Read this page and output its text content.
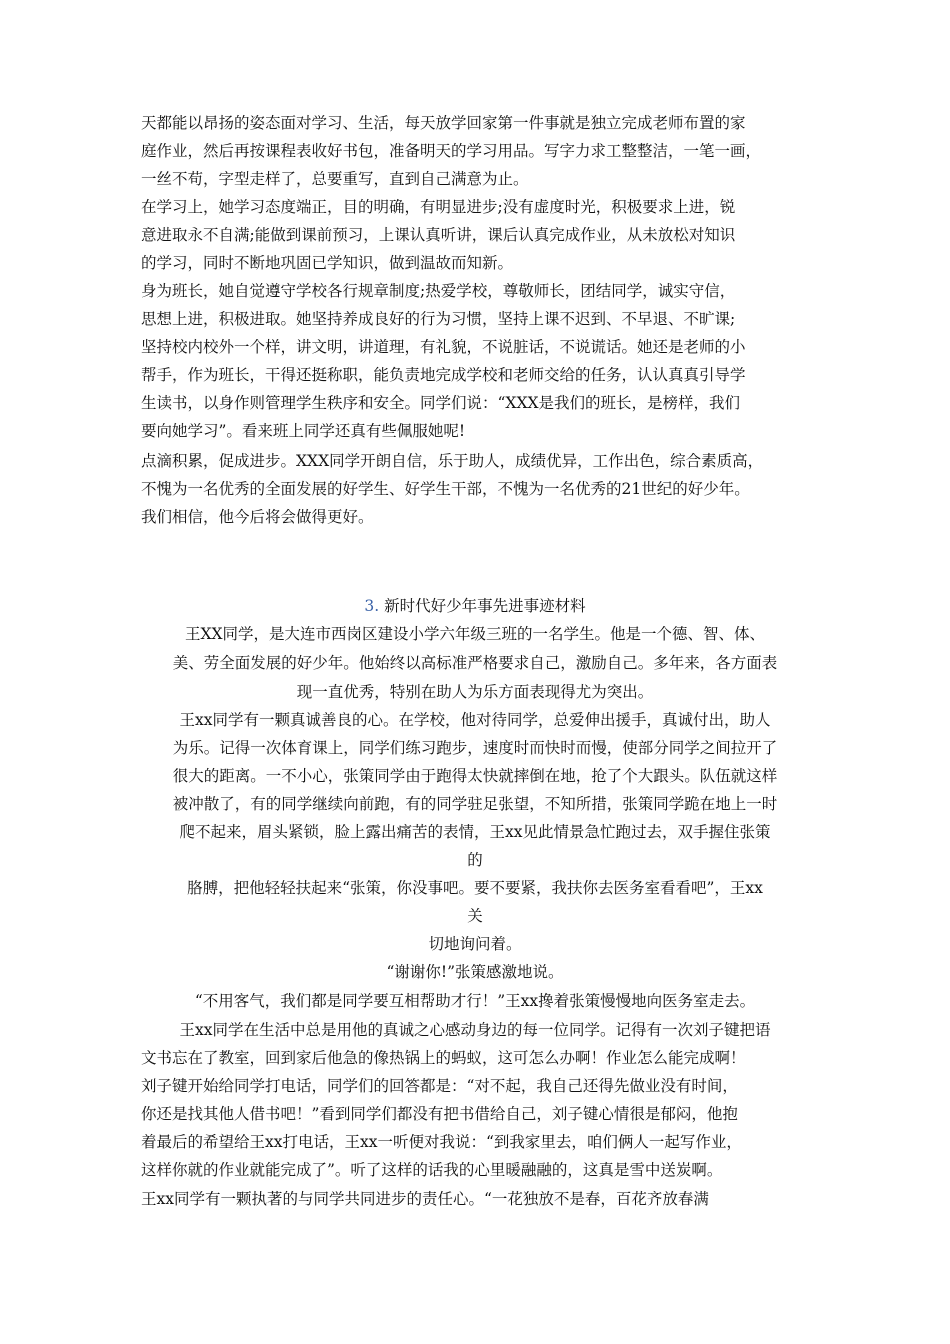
天都能以昂扬的姿态面对学习、生活，每天放学回家第一件事就是独立完成老师布置的家
庭作业，然后再按课程表收好书包，准备明天的学习用品。写字力求工整整洁，一笔一画，
一丝不苟，字型走样了，总要重写，直到自己满意为止。
在学习上，她学习态度端正，目的明确，有明显进步;没有虚度时光，积极要求上进，锐
意进取永不自满;能做到课前预习，上课认真听讲，课后认真完成作业，从未放松对知识
的学习，同时不断地巩固已学知识，做到温故而知新。
身为班长，她自觉遵守学校各行规章制度;热爱学校，尊敬师长，团结同学，诚实守信，
思想上进，积极进取。她坚持养成良好的行为习惯，坚持上课不迟到、不早退、不旷课;
坚持校内校外一个样，讲文明，讲道理，有礼貌，不说脏话，不说谎话。她还是老师的小
帮手，作为班长，干得还挺称职，能负责地完成学校和老师交给的任务，认认真真引导学
生读书，以身作则管理学生秩序和安全。同学们说：“XXX是我们的班长，是榜样，我们
要向她学习”。看来班上同学还真有些佩服她呢!
点滴积累，促成进步。XXX同学开朗自信，乐于助人，成绩优异，工作出色，综合素质高，
不愧为一名优秀的全面发展的好学生、好学生干部，不愧为一名优秀的21世纪的好少年。
我们相信，他今后将会做得更好。
3. 新时代好少年事先进事迹材料
王XX同学，是大连市西岗区建设小学六年级三班的一名学生。他是一个德、智、体、
美、劳全面发展的好少年。他始终以高标准严格要求自己，激励自己。多年来，各方面表
现一直优秀，特别在助人为乐方面表现得尤为突出。
王xx同学有一颗真诚善良的心。在学校，他对待同学，总爱伸出援手，真诚付出，助人
为乐。记得一次体育课上，同学们练习跑步，速度时而快时而慢，使部分同学之间拉开了
很大的距离。一不小心，张策同学由于跑得太快就摔倒在地，抢了个大跟头。队伍就这样
被冲散了，有的同学继续向前跑，有的同学驻足张望，不知所措，张策同学跪在地上一时
爬不起来，眉头紧锁，脸上露出痛苦的表情，王xx见此情景急忙跑过去，双手握住张策
的
胳膊，把他轻轻扶起来“张策，你没事吧。要不要紧，我扶你去医务室看看吧”，王xx
关
切地询问着。
“谢谢你!”张策感激地说。
“不用客气，我们都是同学要互相帮助才行！”王xx搀着张策慢慢地向医务室走去。
王xx同学在生活中总是用他的真诚之心感动身边的每一位同学。记得有一次刘子键把语
文书忘在了教室，回到家后他急的像热锅上的蚂蚁，这可怎么办啊！作业怎么能完成啊！
刘子键开始给同学打电话，同学们的回答都是：“对不起，我自己还得先做业没有时间，
你还是找其他人借书吧！”看到同学们都没有把书借给自己，刘子键心情很是郁闷，他抱
着最后的希望给王xx打电话，王xx一听便对我说：“到我家里去，咱们俩人一起写作业，
这样你就的作业就能完成了”。听了这样的话我的心里暖融融的，这真是雪中送炭啊。
王xx同学有一颗执著的与同学共同进步的责任心。“一花独放不是春，百花齐放春满
